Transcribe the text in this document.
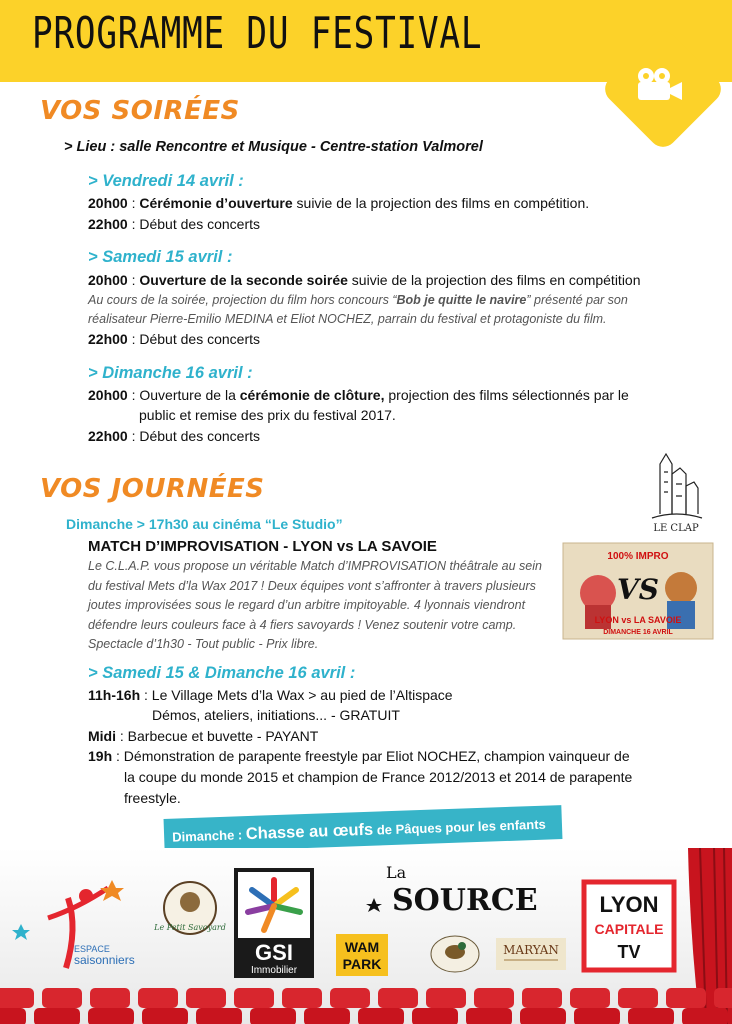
PROGRAMME DU FESTIVAL
VOS SOIRÉES
> Lieu : salle Rencontre et Musique - Centre-station Valmorel
> Vendredi 14 avril :
20h00 : Cérémonie d’ouverture suivie de la projection des films en compétition.
22h00 : Début des concerts
> Samedi 15 avril :
20h00 : Ouverture de la seconde soirée suivie de la projection des films en compétition
Au cours de la soirée, projection du film hors concours “Bob je quitte le navire” présenté par son
réalisateur Pierre-Emilio MEDINA et Eliot NOCHEZ, parrain du festival et protagoniste du film.
22h00 : Début des concerts
> Dimanche 16 avril :
20h00 : Ouverture de la cérémonie de clôture, projection des films sélectionnés par le
public et remise des prix du festival 2017.
22h00 : Début des concerts
LE CLAP
VOS JOURNÉES
Dimanche > 17h30 au cinéma “Le Studio”
MATCH D’IMPROVISATION - LYON vs LA SAVOIE
Le C.L.A.P. vous propose un véritable Match d’IMPROVISATION théâtrale au sein
du festival Mets d’la Wax 2017 ! Deux équipes vont s’affronter à travers plusieurs
joutes improvisées sous le regard d’un arbitre impitoyable. 4 lyonnais viendront
défendre leurs couleurs face à 4 fiers savoyards ! Venez soutenir votre camp.
Spectacle d’1h30 - Tout public - Prix libre.
100% IMPRO
VS
LYON vs LA SAVOIE
DIMANCHE 16 AVRIL
> Samedi 15 & Dimanche 16 avril :
11h-16h : Le Village Mets d’la Wax > au pied de l’Altispace
Démos, ateliers, initiations... - GRATUIT
Midi : Barbecue et buvette - PAYANT
19h : Démonstration de parapente freestyle par Eliot NOCHEZ, champion vainqueur de
la coupe du monde 2015 et champion de France 2012/2013 et 2014 de parapente
freestyle.
Dimanche : Chasse au œufs de Pâques pour les enfants
ESPACE
saisonniers
Le Petit Savoyard
GSI
Immobilier
WAM
PARK
La
SOURCE
MARYAN
LYON
CAPITALE
TV
